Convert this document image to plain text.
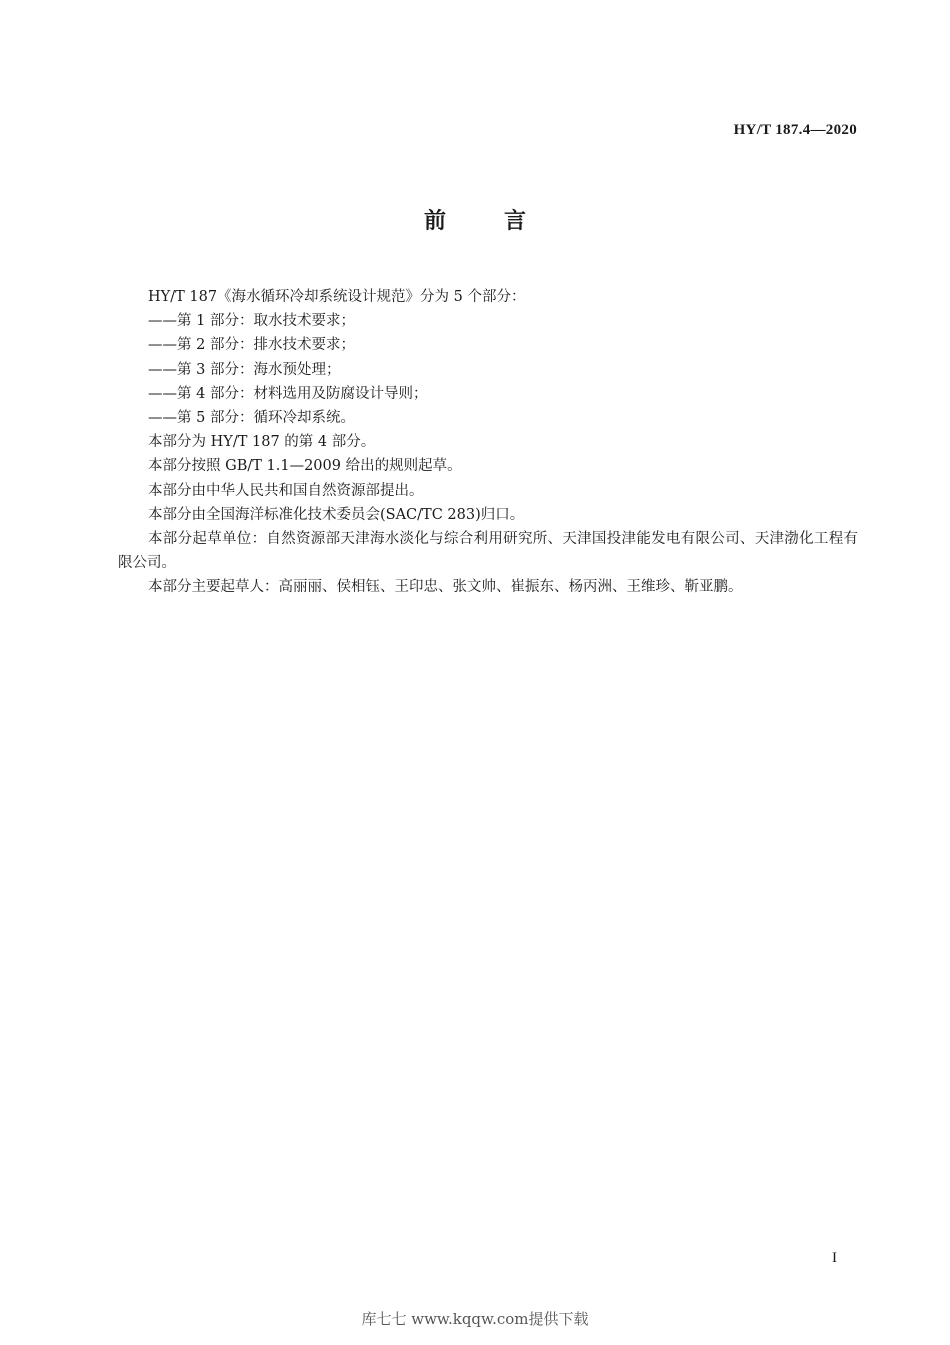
HY/T 187.4—2020
前言

HY/T 187《海水循环冷却系统设计规范》分为 5 个部分：

——第 1 部分：取水技术要求；

——第 2 部分：排水技术要求；

——第 3 部分：海水预处理；

——第 4 部分：材料选用及防腐设计导则；

——第 5 部分：循环冷却系统。

本部分为 HY/T 187 的第 4 部分。

本部分按照 GB/T 1.1—2009 给出的规则起草。

本部分由中华人民共和国自然资源部提出。

本部分由全国海洋标准化技术委员会(SAC/TC 283)归口。

本部分起草单位：自然资源部天津海水淡化与综合利用研究所、天津国投津能发电有限公司、天津渤化工程有限公司。

本部分主要起草人：高丽丽、侯相钰、王印忠、张文帅、崔振东、杨丙洲、王维珍、靳亚鹏。

I
库七七 www.kqqw.com提供下载
